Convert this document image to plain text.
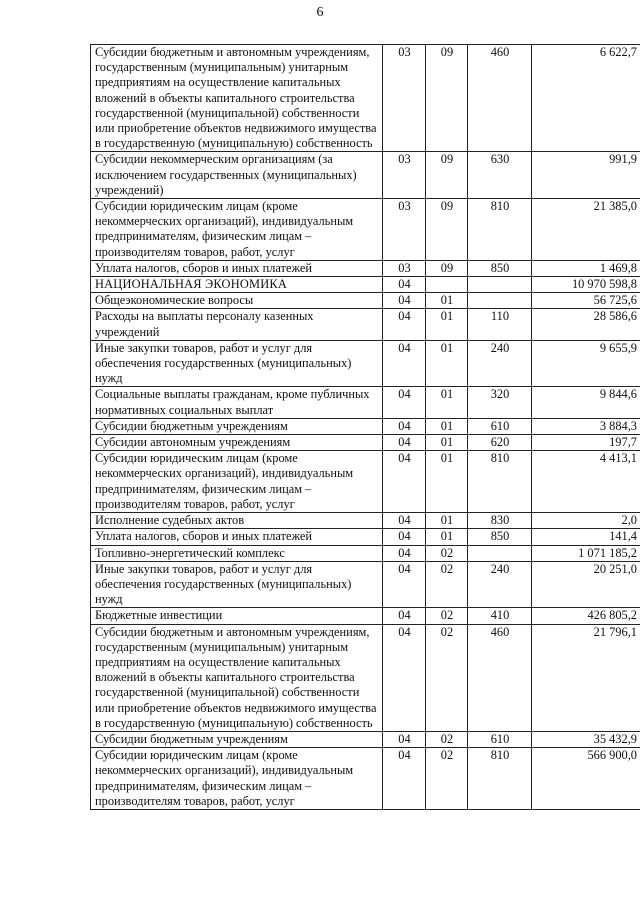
6
Субсидии бюджетным и автономным учреждениям, государственным (муниципальным) унитарным предприятиям на осуществление капитальных вложений в объекты капитального строительства государственной (муниципальной) собственности или приобретение объектов недвижимого имущества в государственную (муниципальную) собственность	03	09	460	6 622,7
Субсидии некоммерческим организациям (за исключением государственных (муниципальных) учреждений)	03	09	630	991,9
Субсидии юридическим лицам (кроме некоммерческих организаций), индивидуальным предпринимателям, физическим лицам – производителям товаров, работ, услуг	03	09	810	21 385,0
Уплата налогов, сборов и иных платежей	03	09	850	1 469,8
НАЦИОНАЛЬНАЯ ЭКОНОМИКА	04			10 970 598,8
Общеэкономические вопросы	04	01		56 725,6
Расходы на выплаты персоналу казенных учреждений	04	01	110	28 586,6
Иные закупки товаров, работ и услуг для обеспечения государственных (муниципальных) нужд	04	01	240	9 655,9
Социальные выплаты гражданам, кроме публичных нормативных социальных выплат	04	01	320	9 844,6
Субсидии бюджетным учреждениям	04	01	610	3 884,3
Субсидии автономным учреждениям	04	01	620	197,7
Субсидии юридическим лицам (кроме некоммерческих организаций), индивидуальным предпринимателям, физическим лицам – производителям товаров, работ, услуг	04	01	810	4 413,1
Исполнение судебных актов	04	01	830	2,0
Уплата налогов, сборов и иных платежей	04	01	850	141,4
Топливно-энергетический комплекс	04	02		1 071 185,2
Иные закупки товаров, работ и услуг для обеспечения государственных (муниципальных) нужд	04	02	240	20 251,0
Бюджетные инвестиции	04	02	410	426 805,2
Субсидии бюджетным и автономным учреждениям, государственным (муниципальным) унитарным предприятиям на осуществление капитальных вложений в объекты капитального строительства государственной (муниципальной) собственности или приобретение объектов недвижимого имущества в государственную (муниципальную) собственность	04	02	460	21 796,1
Субсидии бюджетным учреждениям	04	02	610	35 432,9
Субсидии юридическим лицам (кроме некоммерческих организаций), индивидуальным предпринимателям, физическим лицам – производителям товаров, работ, услуг	04	02	810	566 900,0
